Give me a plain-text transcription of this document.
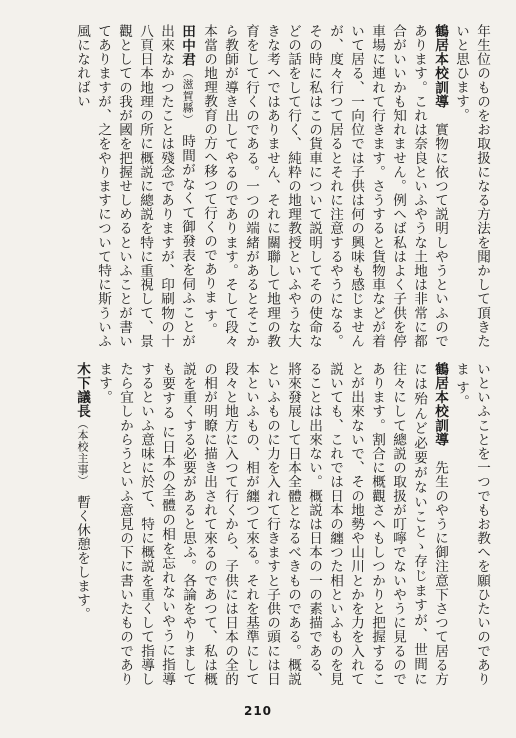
年生位のものをお取扱になる方法を聞かして頂きたいと思ひます。

鶴居本校訓導　實物に依つて説明しやうといふのであります。これは奈良といふやうな土地は非常に都合がいいかも知れません。例へば私はよく子供を停車場に連れて行きます。さうすると貨物車などが着いて居る、一向位では子供は何の興味も感じませんが、度々行つて居るとそれに注意するやうになる。その時に私はこの貨車について説明してその使命などの話をして行く、純粋の地理教授といふやうな大きな考へではありません、それに關聯して地理の教育をして行くのである。一つの端緒があるとそこから教師が導き出してやるのであります。そして段々本當の地理教育の方へ移つて行くのでありま す。

田中君（滋賀縣）　時間がなくて御發表を伺ふことが出來なかつたことは殘念でありますが、印刷物の十八頁日本地理の所に概説に總説を特に重視して、景觀としての我が國を把握せしめるといふことが書いてありますが、之をやりますについて特に斯ういふ風になればい

いといふことを一つでもお教へを願ひたいのでありま す。

鶴居本校訓導　先生のやうに御注意下さつて居る方には殆んど必要がないことゝ存じますが、世間に往々にして總説の取扱が叮嚀でないやうに見るのであります。割合に概觀さへもしつかりと把握することが出來ないで、その地勢や山川とかを力を入れて説いても、これでは日本の纏つた相といふものを見ることは出來ない。概説は日本の一の素描である、將來發展して日本全體となるべきものである。概説といふものに力を入れて行きますと子供の頭には日本といふもの、相が纏つて來る。それを基準にして段々と地方に入つて行くから、子供には日本の全的の相が明瞭に描き出されて來るのであつて、私は概説を重くする必要があると思ふ。各論をやりましても要する に日本の全體の相を忘れないやうに指導するといふ意味に於て、特に概説を重くして指導したら宜しからうといふ意見の下に書いたものであります。

木下議長（本校主事）　暫く休憩をします。

210
